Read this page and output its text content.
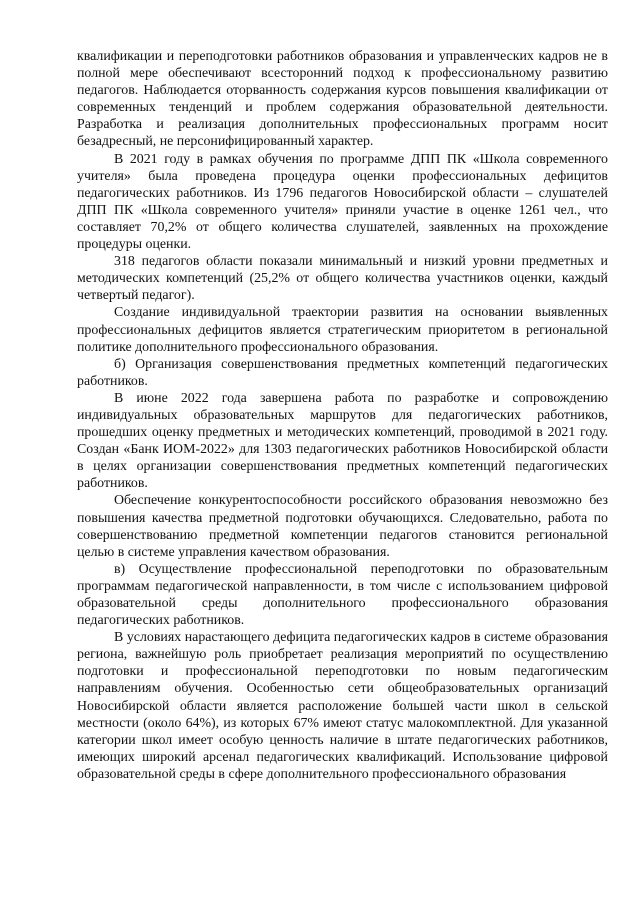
квалификации и переподготовки работников образования и управленческих кадров не в полной мере обеспечивают всесторонний подход к профессиональному развитию педагогов. Наблюдается оторванность содержания курсов повышения квалификации от современных тенденций и проблем содержания образовательной деятельности. Разработка и реализация дополнительных профессиональных программ носит безадресный, не персонифицированный характер.

В 2021 году в рамках обучения по программе ДПП ПК «Школа современного учителя» была проведена процедура оценки профессиональных дефицитов педагогических работников. Из 1796 педагогов Новосибирской области – слушателей ДПП ПК «Школа современного учителя» приняли участие в оценке 1261 чел., что составляет 70,2% от общего количества слушателей, заявленных на прохождение процедуры оценки.

318 педагогов области показали минимальный и низкий уровни предметных и методических компетенций (25,2% от общего количества участников оценки, каждый четвертый педагог).

Создание индивидуальной траектории развития на основании выявленных профессиональных дефицитов является стратегическим приоритетом в региональной политике дополнительного профессионального образования.

б) Организация совершенствования предметных компетенций педагогических работников.

В июне 2022 года завершена работа по разработке и сопровождению индивидуальных образовательных маршрутов для педагогических работников, прошедших оценку предметных и методических компетенций, проводимой в 2021 году. Создан «Банк ИОМ-2022» для 1303 педагогических работников Новосибирской области в целях организации совершенствования предметных компетенций педагогических работников.

Обеспечение конкурентоспособности российского образования невозможно без повышения качества предметной подготовки обучающихся. Следовательно, работа по совершенствованию предметной компетенции педагогов становится региональной целью в системе управления качеством образования.

в) Осуществление профессиональной переподготовки по образовательным программам педагогической направленности, в том числе с использованием цифровой образовательной среды дополнительного профессионального образования педагогических работников.

В условиях нарастающего дефицита педагогических кадров в системе образования региона, важнейшую роль приобретает реализация мероприятий по осуществлению подготовки и профессиональной переподготовки по новым педагогическим направлениям обучения. Особенностью сети общеобразовательных организаций Новосибирской области является расположение большей части школ в сельской местности (около 64%), из которых 67% имеют статус малокомплектной. Для указанной категории школ имеет особую ценность наличие в штате педагогических работников, имеющих широкий арсенал педагогических квалификаций. Использование цифровой образовательной среды в сфере дополнительного профессионального образования
